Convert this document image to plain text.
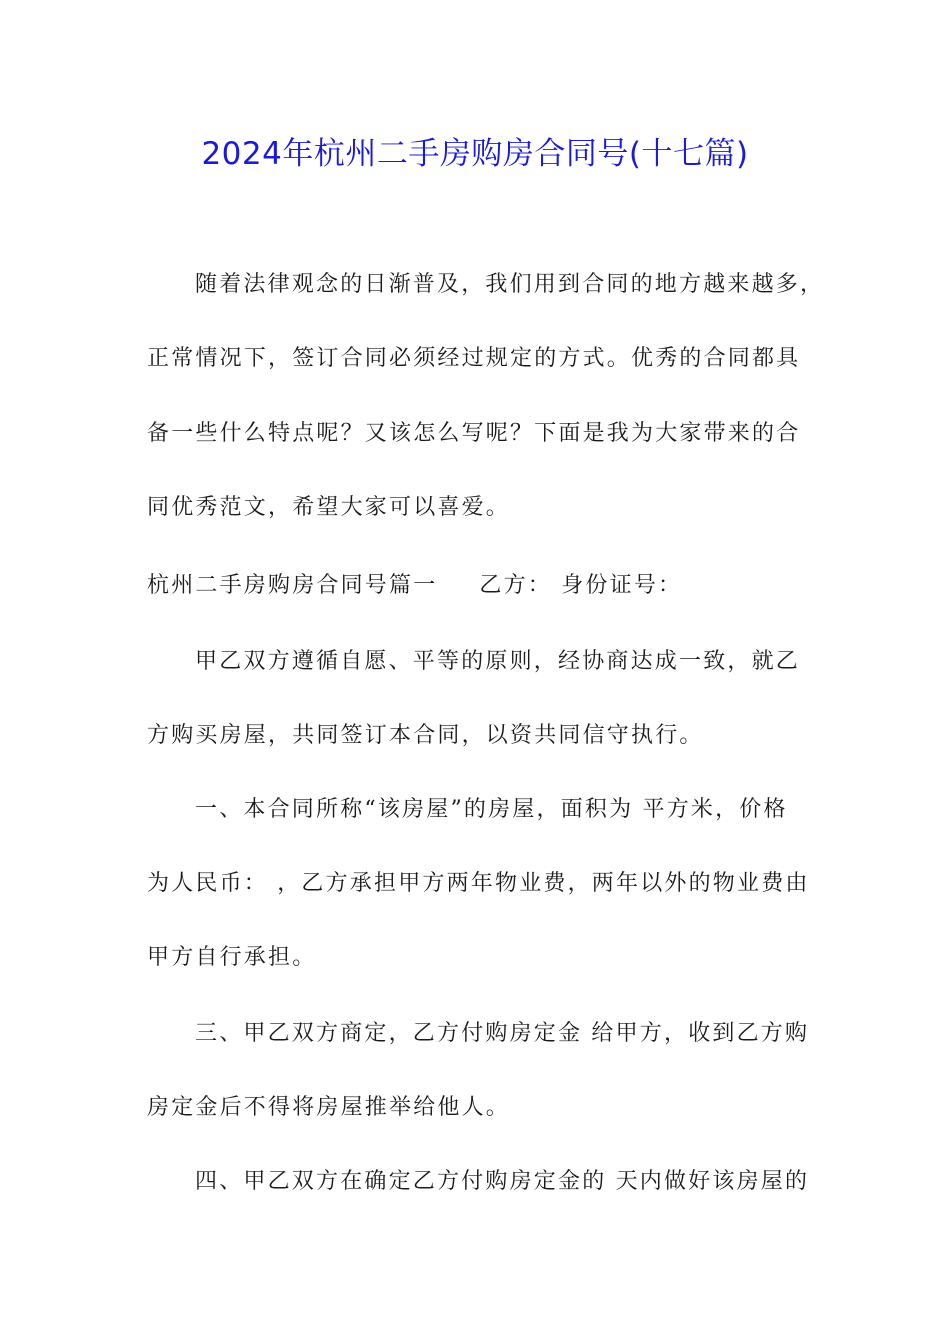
2024年杭州二手房购房合同号(十七篇)
随着法律观念的日渐普及，我们用到合同的地方越来越多，
正常情况下，签订合同必须经过规定的方式。优秀的合同都具
备一些什么特点呢？又该怎么写呢？下面是我为大家带来的合
同优秀范文，希望大家可以喜爱。
杭州二手房购房合同号篇一 乙方： 身份证号：
甲乙双方遵循自愿、平等的原则，经协商达成一致，就乙
方购买房屋，共同签订本合同，以资共同信守执行。
一、本合同所称“该房屋”的房屋，面积为 平方米，价格
为人民币： ，乙方承担甲方两年物业费，两年以外的物业费由
甲方自行承担。
三、甲乙双方商定，乙方付购房定金 给甲方，收到乙方购
房定金后不得将房屋推举给他人。
四、甲乙双方在确定乙方付购房定金的 天内做好该房屋的
